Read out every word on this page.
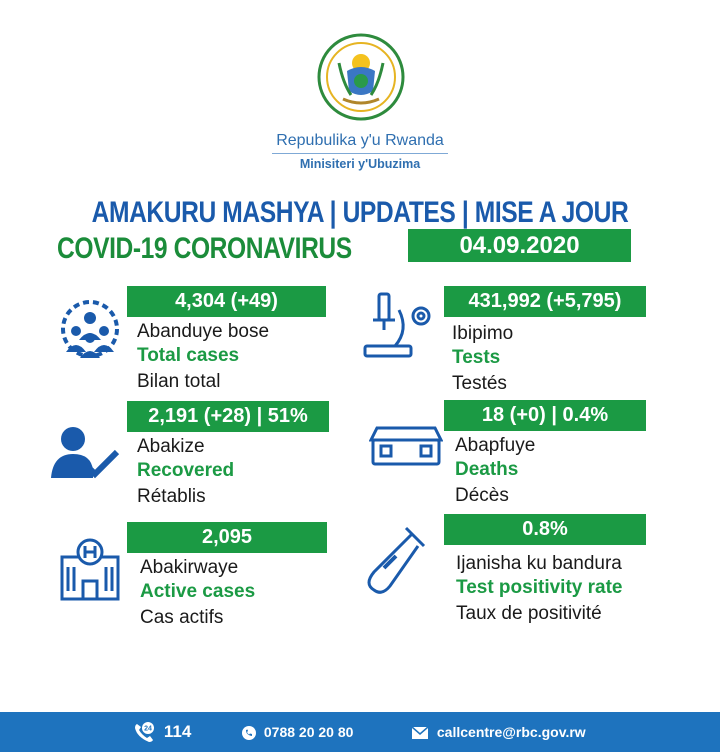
Repubulika y'u Rwanda
Minisiteri y'Ubuzima
AMAKURU MASHYA | UPDATES | MISE A JOUR
COVID-19 CORONAVIRUS	04.09.2020
4,304 (+49)
Abanduye bose
Total cases
Bilan total
431,992 (+5,795)
Ibipimo
Tests
Testés
2,191 (+28) | 51%
Abakize
Recovered
Rétablis
18 (+0) | 0.4%
Abapfuye
Deaths
Décès
2,095
Abakirwaye
Active cases
Cas actifs
0.8%
Ijanisha ku bandura
Test positivity rate
Taux de positivité
24 114	0788 20 20 80	callcentre@rbc.gov.rw
